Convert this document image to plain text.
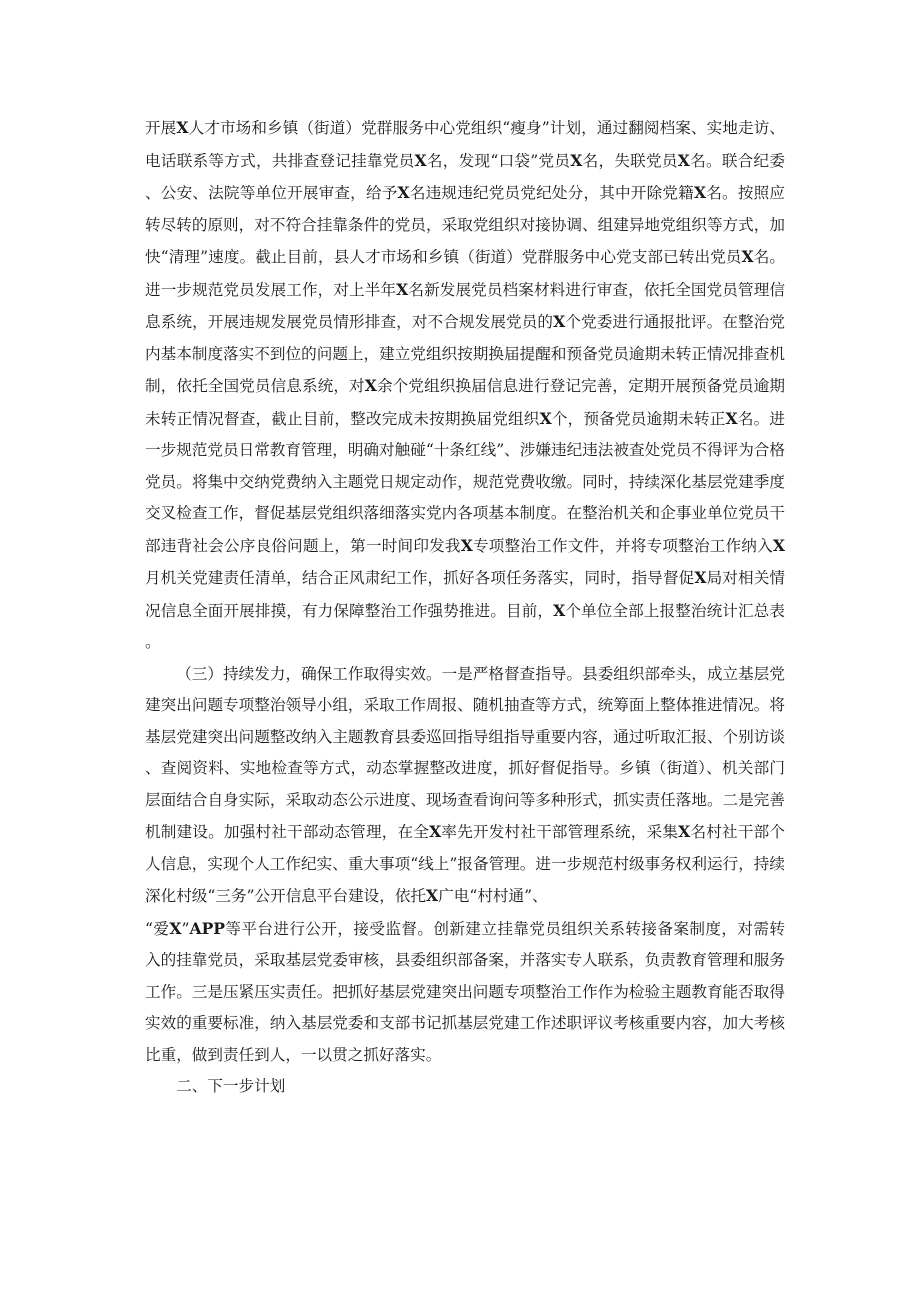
开展X人才市场和乡镇（街道）党群服务中心党组织“瘦身”计划，通过翻阅档案、实地走访、电话联系等方式，共排查登记挂靠党员X名，发现“口袋”党员X名，失联党员X名。联合纪委、公安、法院等单位开展审查，给予X名违规违纪党员党纪处分，其中开除党籍X名。按照应转尽转的原则，对不符合挂靠条件的党员，采取党组织对接协调、组建异地党组织等方式，加快“清理”速度。截止目前，县人才市场和乡镇（街道）党群服务中心党支部已转出党员X名。进一步规范党员发展工作，对上半年X名新发展党员档案材料进行审查，依托全国党员管理信息系统，开展违规发展党员情形排查，对不合规发展党员的X个党委进行通报批评。在整治党内基本制度落实不到位的问题上，建立党组织按期换届提醒和预备党员逾期未转正情况排查机制，依托全国党员信息系统，对X余个党组织换届信息进行登记完善，定期开展预备党员逾期未转正情况督查，截止目前，整改完成未按期换届党组织X个，预备党员逾期未转正X名。进一步规范党员日常教育管理，明确对触碰“十条红线”、涉嫌违纪违法被查处党员不得评为合格党员。将集中交纳党费纳入主题党日规定动作，规范党费收缴。同时，持续深化基层党建季度交叉检查工作，督促基层党组织落细落实党内各项基本制度。在整治机关和企事业单位党员干部违背社会公序良俗问题上，第一时间印发我X专项整治工作文件，并将专项整治工作纳入X月机关党建责任清单，结合正风肃纪工作，抓好各项任务落实，同时，指导督促X局对相关情况信息全面开展排摸，有力保障整治工作强势推进。目前，X个单位全部上报整治统计汇总表。

（三）持续发力，确保工作取得实效。一是严格督查指导。县委组织部牵头，成立基层党建突出问题专项整治领导小组，采取工作周报、随机抽查等方式，统筹面上整体推进情况。将基层党建突出问题整改纳入主题教育县委巡回指导组指导重要内容，通过听取汇报、个别访谈、查阅资料、实地检查等方式，动态掌握整改进度，抓好督促指导。乡镇（街道）、机关部门层面结合自身实际，采取动态公示进度、现场查看询问等多种形式，抓实责任落地。二是完善机制建设。加强村社干部动态管理，在全X率先开发村社干部管理系统，采集X名村社干部个人信息，实现个人工作纪实、重大事项“线上”报备管理。进一步规范村级事务权利运行，持续深化村级“三务”公开信息平台建设，依托X广电“村村通”、

“爱X”APP等平台进行公开，接受监督。创新建立挂靠党员组织关系转接备案制度，对需转入的挂靠党员，采取基层党委审核，县委组织部备案，并落实专人联系，负责教育管理和服务工作。三是压紧压实责任。把抓好基层党建突出问题专项整治工作作为检验主题教育能否取得实效的重要标准，纳入基层党委和支部书记抓基层党建工作述职评议考核重要内容，加大考核比重，做到责任到人，一以贯之抓好落实。

二、下一步计划
